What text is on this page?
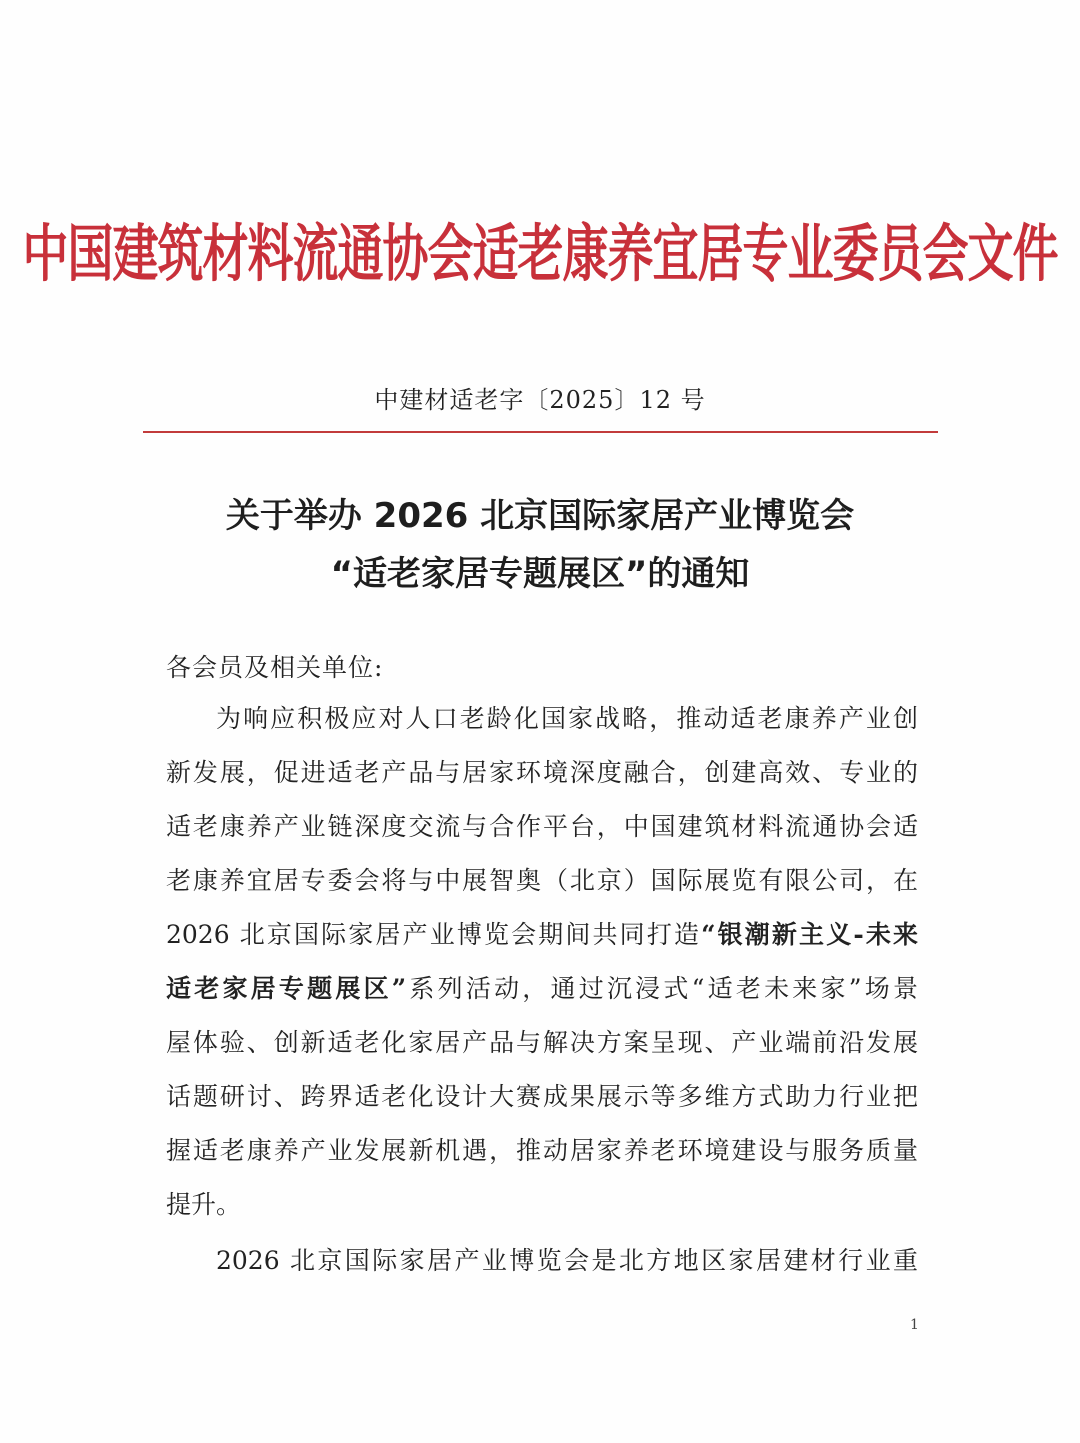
中国建筑材料流通协会适老康养宜居专业委员会文件
中建材适老字〔2025〕12 号
关于举办 2026 北京国际家居产业博览会
“适老家居专题展区”的通知
各会员及相关单位:
为响应积极应对人口老龄化国家战略，推动适老康养产业创
新发展，促进适老产品与居家环境深度融合，创建高效、专业的
适老康养产业链深度交流与合作平台，中国建筑材料流通协会适
老康养宜居专委会将与中展智奥（北京）国际展览有限公司，在
2026 北京国际家居产业博览会期间共同打造“银潮新主义-未来
适老家居专题展区”系列活动，通过沉浸式“适老未来家”场景
屋体验、创新适老化家居产品与解决方案呈现、产业端前沿发展
话题研讨、跨界适老化设计大赛成果展示等多维方式助力行业把
握适老康养产业发展新机遇，推动居家养老环境建设与服务质量
提升。
2026 北京国际家居产业博览会是北方地区家居建材行业重
1
